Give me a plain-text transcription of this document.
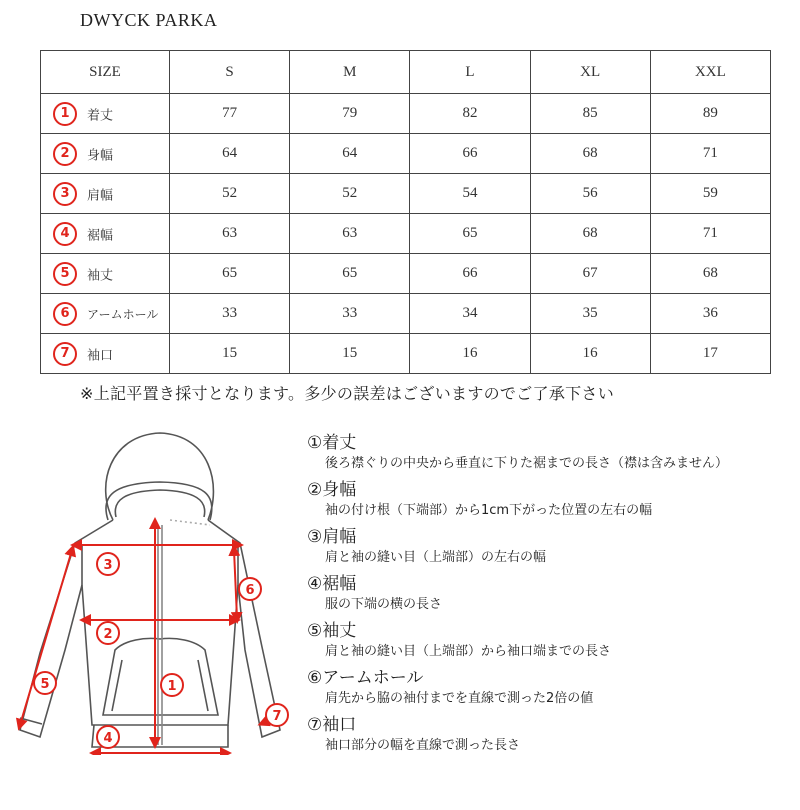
DWYCK PARKA
SIZE	S	M	L	XL	XXL
1 着丈	77	79	82	85	89
2 身幅	64	64	66	68	71
3 肩幅	52	52	54	56	59
4 裾幅	63	63	65	68	71
5 袖丈	65	65	66	67	68
6 アームホール	33	33	34	35	36
7 袖口	15	15	16	16	17
※上記平置き採寸となります。多少の誤差はございますのでご了承下さい
1
2
3
4
5
6
7
①着丈
後ろ襟ぐりの中央から垂直に下りた裾までの長さ（襟は含みません）
②身幅
袖の付け根（下端部）から1cm下がった位置の左右の幅
③肩幅
肩と袖の縫い目（上端部）の左右の幅
④裾幅
服の下端の横の長さ
⑤袖丈
肩と袖の縫い目（上端部）から袖口端までの長さ
⑥アームホール
肩先から脇の袖付までを直線で測った2倍の値
⑦袖口
袖口部分の幅を直線で測った長さ
